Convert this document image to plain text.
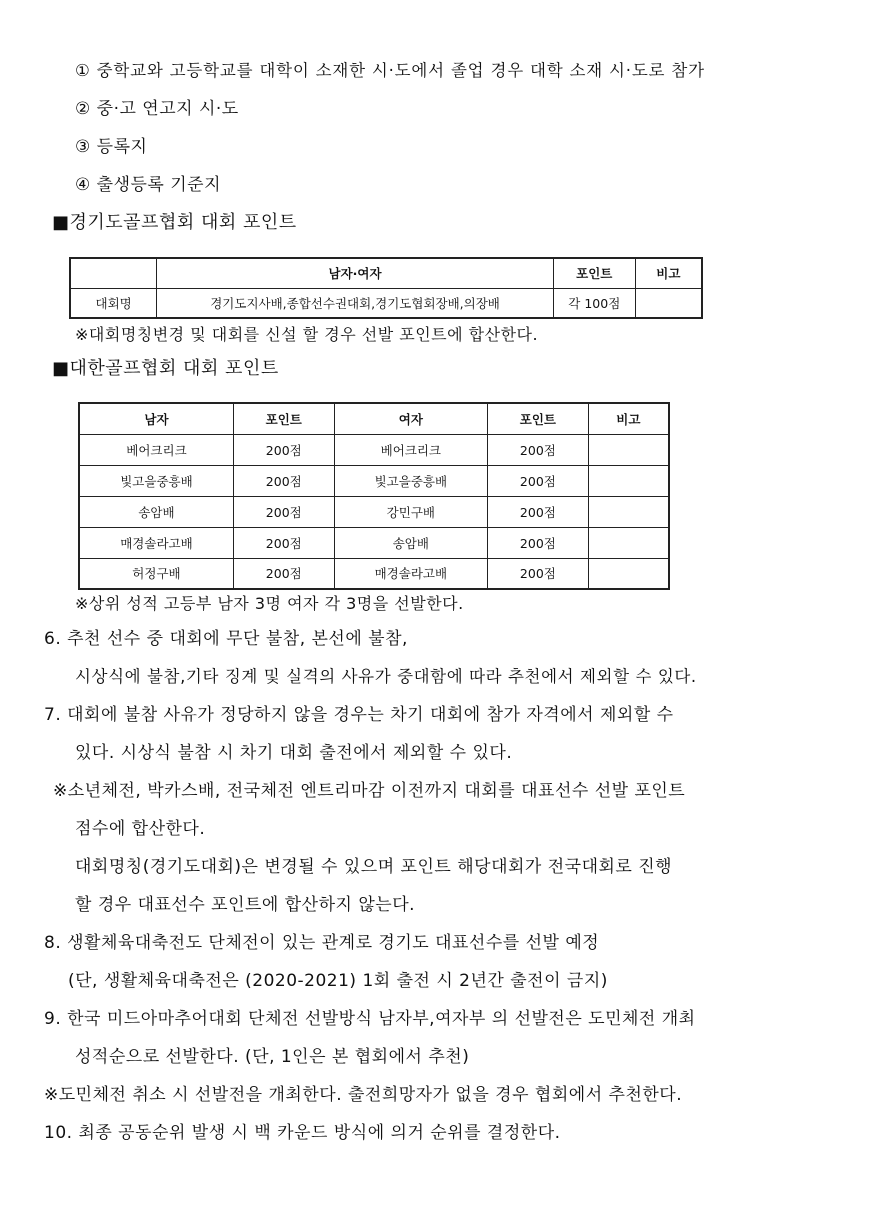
① 중학교와 고등학교를 대학이 소재한 시·도에서 졸업 경우 대학 소재 시·도로 참가
② 중·고 연고지 시·도
③ 등록지
④ 출생등록 기준지
■경기도골프협회 대회 포인트
	남자·여자	포인트	비고
대회명	경기도지사배,종합선수권대회,경기도협회장배,의장배	각 100점	
※대회명칭변경 및 대회를 신설 할 경우 선발 포인트에 합산한다.
■대한골프협회 대회 포인트
남자	포인트	여자	포인트	비고
베어크리크	200점	베어크리크	200점	
빛고을중흥배	200점	빛고을중흥배	200점	
송암배	200점	강민구배	200점	
매경솔라고배	200점	송암배	200점	
허정구배	200점	매경솔라고배	200점	
※상위 성적 고등부 남자 3명 여자 각 3명을 선발한다.
6. 추천 선수 중 대회에 무단 불참, 본선에 불참,
시상식에 불참,기타 징계 및 실격의 사유가 중대함에 따라 추천에서 제외할 수 있다.
7. 대회에 불참 사유가 정당하지 않을 경우는 차기 대회에 참가 자격에서 제외할 수
있다. 시상식 불참 시 차기 대회 출전에서 제외할 수 있다.
※소년체전, 박카스배, 전국체전 엔트리마감 이전까지 대회를 대표선수 선발 포인트
점수에 합산한다.
대회명칭(경기도대회)은 변경될 수 있으며 포인트 해당대회가 전국대회로 진행
할 경우 대표선수 포인트에 합산하지 않는다.
8. 생활체육대축전도 단체전이 있는 관계로 경기도 대표선수를 선발 예정
(단, 생활체육대축전은 (2020-2021) 1회 출전 시 2년간 출전이 금지)
9. 한국 미드아마추어대회 단체전 선발방식 남자부,여자부 의 선발전은 도민체전 개최
성적순으로 선발한다. (단, 1인은 본 협회에서 추천)
※도민체전 취소 시 선발전을 개최한다. 출전희망자가 없을 경우 협회에서 추천한다.
10. 최종 공동순위 발생 시 백 카운드 방식에 의거 순위를 결정한다.
